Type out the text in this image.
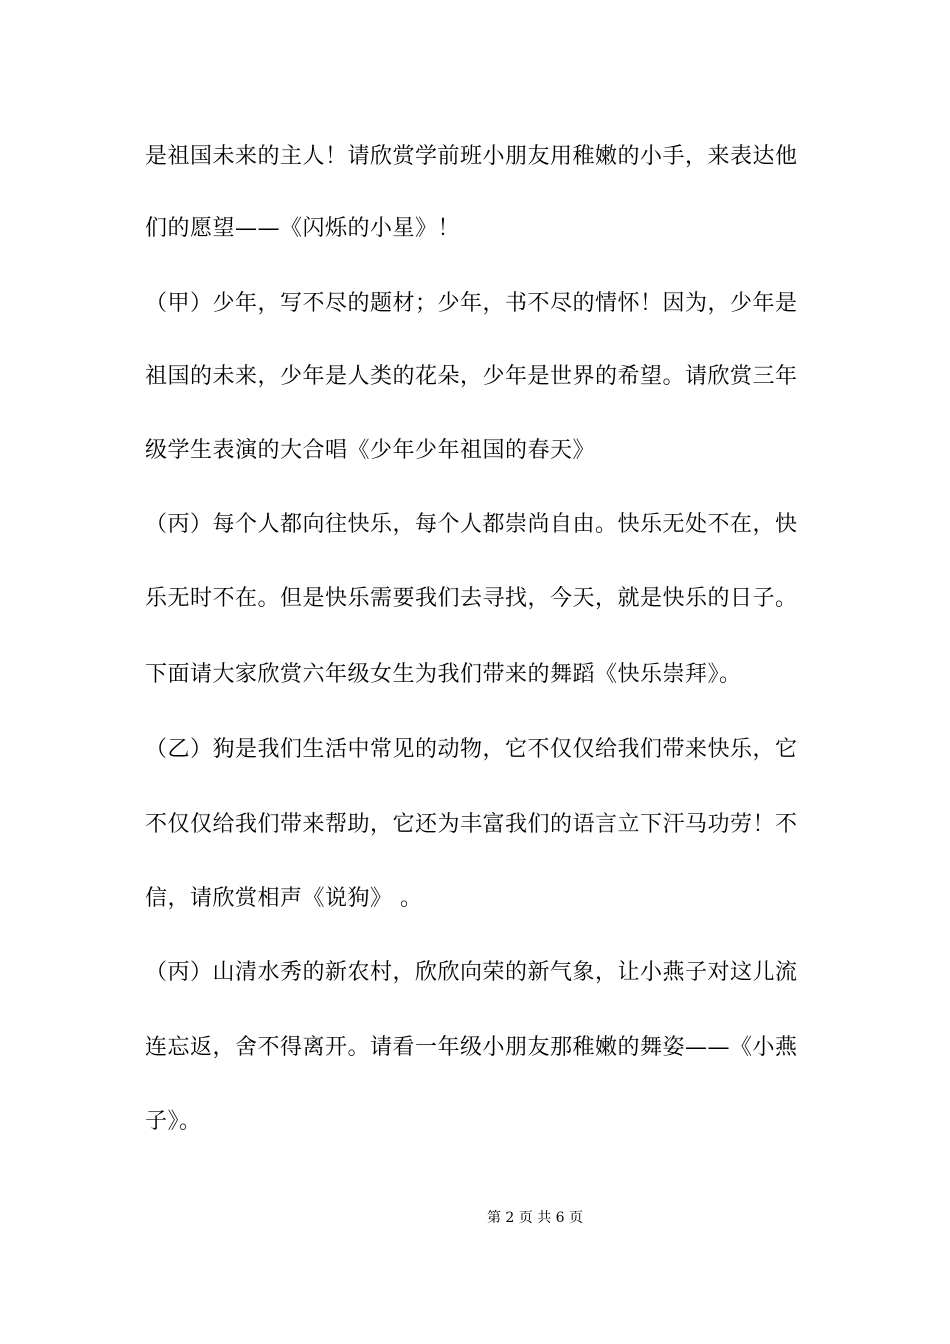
是祖国未来的主人！请欣赏学前班小朋友用稚嫩的小手，来表达他
们的愿望——《闪烁的小星》！
（甲）少年，写不尽的题材；少年，书不尽的情怀！因为，少年是
祖国的未来，少年是人类的花朵，少年是世界的希望。请欣赏三年
级学生表演的大合唱《少年少年祖国的春天》
（丙）每个人都向往快乐，每个人都崇尚自由。快乐无处不在，快
乐无时不在。但是快乐需要我们去寻找，今天，就是快乐的日子。
下面请大家欣赏六年级女生为我们带来的舞蹈《快乐崇拜》。
（乙）狗是我们生活中常见的动物，它不仅仅给我们带来快乐，它
不仅仅给我们带来帮助，它还为丰富我们的语言立下汗马功劳！不
信，请欣赏相声《说狗》 。
（丙）山清水秀的新农村，欣欣向荣的新气象，让小燕子对这儿流
连忘返，舍不得离开。请看一年级小朋友那稚嫩的舞姿——《小燕
子》。
第 2 页 共 6 页
